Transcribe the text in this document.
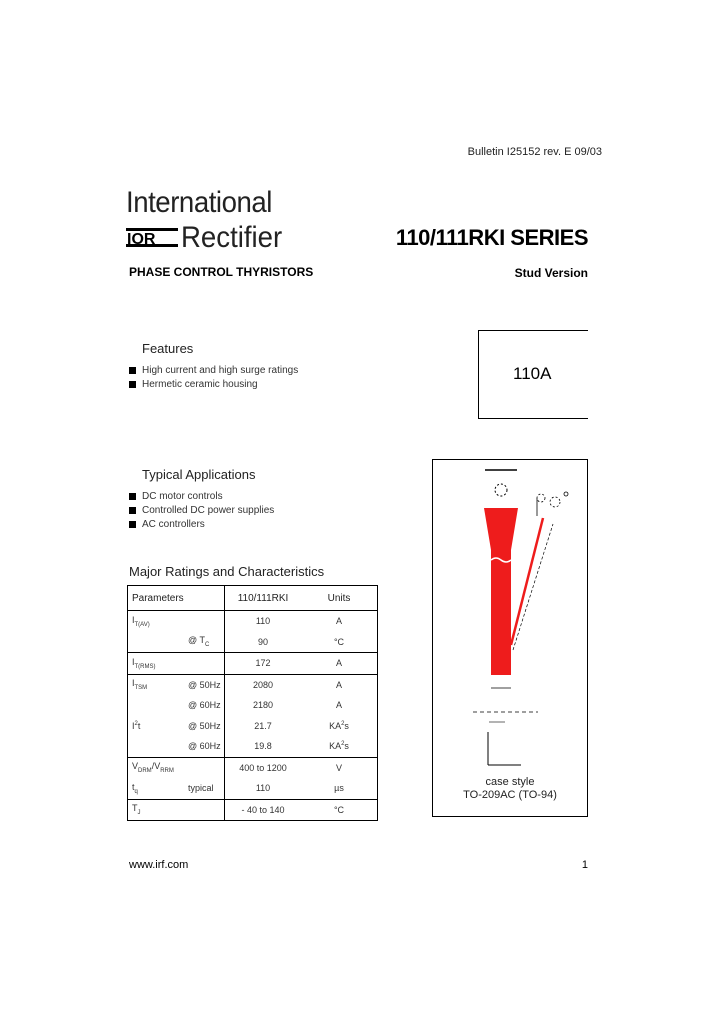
Bulletin I25152 rev. E 09/03
International
IOR Rectifier	110/111RKI SERIES
PHASE CONTROL THYRISTORS	Stud Version
Features
High current and high surge ratings
Hermetic ceramic housing
110A
Typical Applications
DC motor controls
Controlled DC power supplies
AC controllers
Major Ratings and Characteristics
Parameters		110/111RKI	Units
$I_{T(AV)}$		110	A
	@ $T_C$	90	°C
$I_{T(RMS)}$		172	A
$I_{TSM}$	@ 50Hz	2080	A
	@ 60Hz	2180	A
$I^2t$	@ 50Hz	21.7	$KA^2s$
	@ 60Hz	19.8	$KA^2s$
$V_{DRM}/V_{RRM}$		400 to 1200	V
$t_q$	typical	110	µs
$T_J$		- 40 to 140	°C
case style
TO-209AC (TO-94)
www.irf.com	1
